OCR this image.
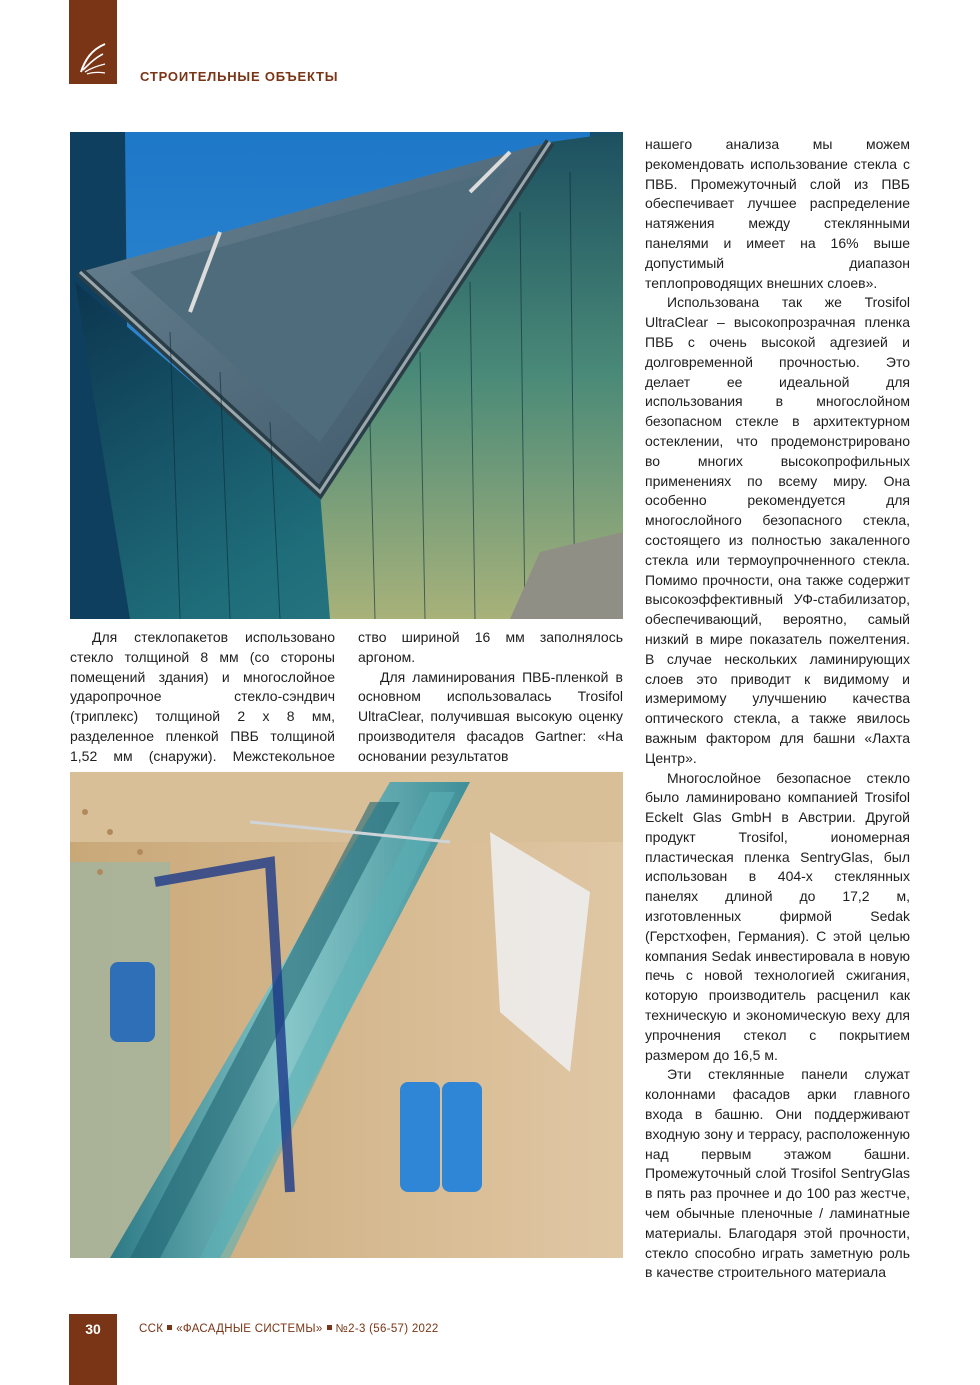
СТРОИТЕЛЬНЫЕ ОБЪЕКТЫ

Для стеклопакетов использовано стекло толщиной 8 мм (со стороны помещений здания) и многослойное ударопрочное стекло-сэндвич (триплекс) толщиной 2 х 8 мм, разделенное пленкой ПВБ толщиной 1,52 мм (снаружи). Межстекольное

ство шириной 16 мм заполнялось аргоном.

Для ламинирования ПВБ-пленкой в основном использовалась Trosifol UltraClear, получившая высокую оценку производителя фасадов Gartner: «На основании результатов

нашего анализа мы можем рекомендовать использование стекла с ПВБ. Промежуточный слой из ПВБ обеспечивает лучшее распределение натяжения между стеклянными панелями и имеет на 16% выше допустимый диапазон теплопроводящих внешних слоев».

Использована так же Trosifol UltraClear – высокопрозрачная пленка ПВБ с очень высокой адгезией и долговременной прочностью. Это делает ее идеальной для использования в многослойном безопасном стекле в архитектурном остеклении, что продемонстрировано во многих высокопрофильных применениях по всему миру. Она особенно рекомендуется для многослойного безопасного стекла, состоящего из полностью закаленного стекла или термоупрочненного стекла. Помимо прочности, она также содержит высокоэффективный УФ-стабилизатор, обеспечивающий, вероятно, самый низкий в мире показатель пожелтения. В случае нескольких ламинирующих слоев это приводит к видимому и измеримому улучшению качества оптического стекла, а также явилось важным фактором для башни «Лахта Центр».

Многослойное безопасное стекло было ламинировано компанией Trosifol Eckelt Glas GmbH в Австрии. Другой продукт Trosifol, иономерная пластическая пленка SentryGlas, был использован в 404-х стеклянных панелях длиной до 17,2 м, изготовленных фирмой Sedak (Герстхофен, Германия). С этой целью компания Sedak инвестировала в новую печь с новой технологией сжигания, которую производитель расценил как техническую и экономическую веху для упрочнения стекол с покрытием размером до 16,5 м.

Эти стеклянные панели служат колоннами фасадов арки главного входа в башню. Они поддерживают входную зону и террасу, расположенную над первым этажом башни. Промежуточный слой Trosifol SentryGlas в пять раз прочнее и до 100 раз жестче, чем обычные пленочные / ламинатные материалы. Благодаря этой прочности, стекло способно играть заметную роль в качестве строительного материала

30	ССК «ФАСАДНЫЕ СИСТЕМЫ» №2-3 (56-57) 2022
